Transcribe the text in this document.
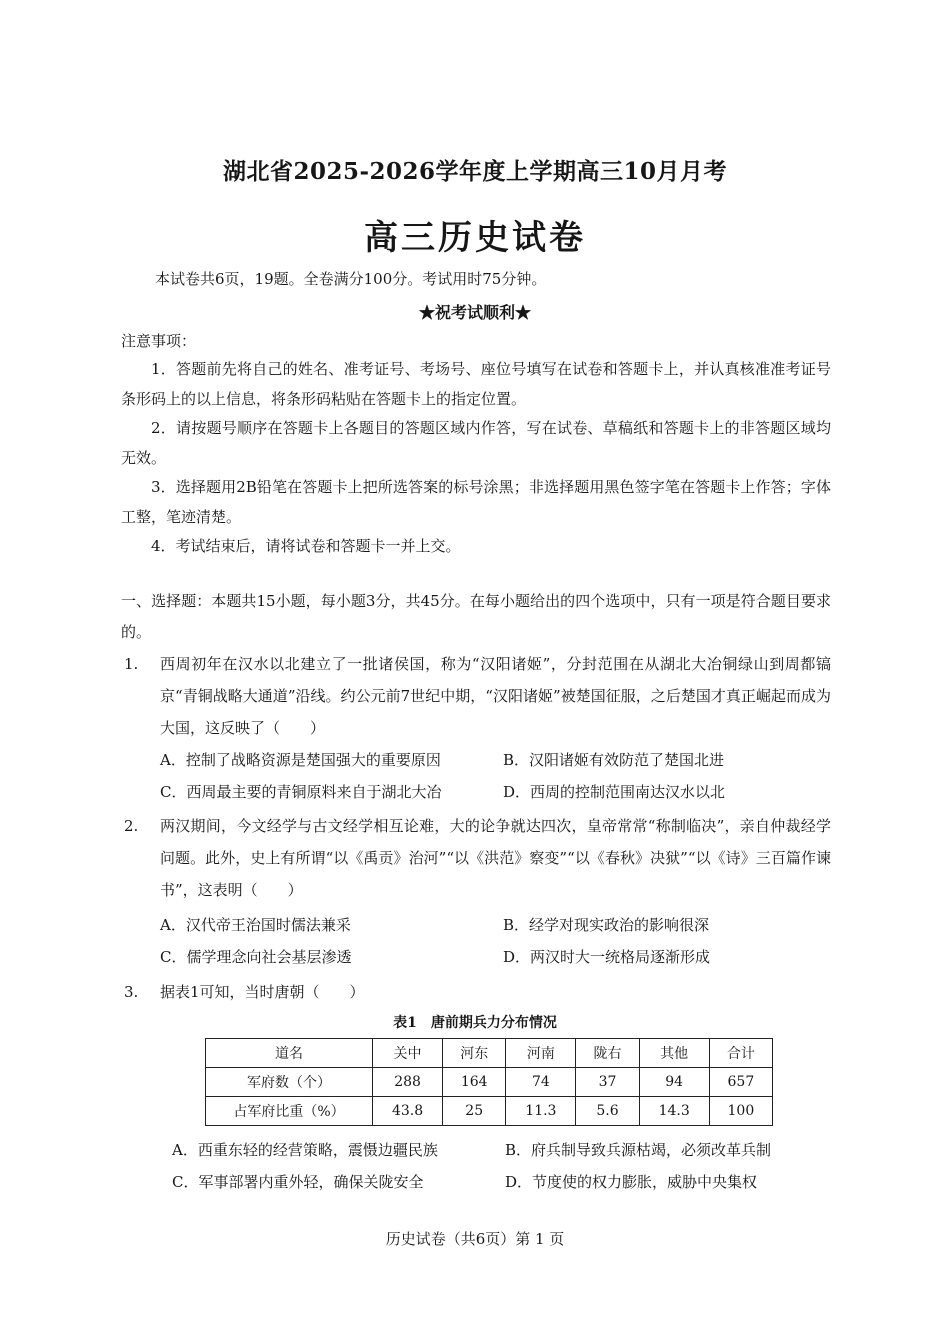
湖北省2025-2026学年度上学期高三10月月考
高三历史试卷
本试卷共6页，19题。全卷满分100分。考试用时75分钟。
★祝考试顺利★
注意事项：

1．答题前先将自己的姓名、准考证号、考场号、座位号填写在试卷和答题卡上，并认真核准准考证号条形码上的以上信息，将条形码粘贴在答题卡上的指定位置。

2．请按题号顺序在答题卡上各题目的答题区域内作答，写在试卷、草稿纸和答题卡上的非答题区域均无效。

3．选择题用2B铅笔在答题卡上把所选答案的标号涂黑；非选择题用黑色签字笔在答题卡上作答；字体工整，笔迹清楚。

4．考试结束后，请将试卷和答题卡一并上交。

一、选择题：本题共15小题，每小题3分，共45分。在每小题给出的四个选项中，只有一项是符合题目要求的。
1. 西周初年在汉水以北建立了一批诸侯国，称为“汉阳诸姬”，分封范围在从湖北大冶铜绿山到周都镐京“青铜战略大通道”沿线。约公元前7世纪中期，“汉阳诸姬”被楚国征服，之后楚国才真正崛起而成为大国，这反映了（　　）
A．控制了战略资源是楚国强大的重要原因	B．汉阳诸姬有效防范了楚国北进
C．西周最主要的青铜原料来自于湖北大冶	D．西周的控制范围南达汉水以北
2. 两汉期间，今文经学与古文经学相互论难，大的论争就达四次，皇帝常常“称制临决”，亲自仲裁经学问题。此外，史上有所谓“以《禹贡》治河”“以《洪范》察变”“以《春秋》决狱”“以《诗》三百篇作谏书”，这表明（　　）
A．汉代帝王治国时儒法兼采	B．经学对现实政治的影响很深
C．儒学理念向社会基层渗透	D．两汉时大一统格局逐渐形成
3. 据表1可知，当时唐朝（　　）
表1　唐前期兵力分布情况
道名	关中	河东	河南	陇右	其他	合计
军府数（个）	288	164	74	37	94	657
占军府比重（%）	43.8	25	11.3	5.6	14.3	100
A．西重东轻的经营策略，震慑边疆民族	B．府兵制导致兵源枯竭，必须改革兵制
C．军事部署内重外轻，确保关陇安全	D．节度使的权力膨胀，威胁中央集权
历史试卷（共6页）第 1 页
